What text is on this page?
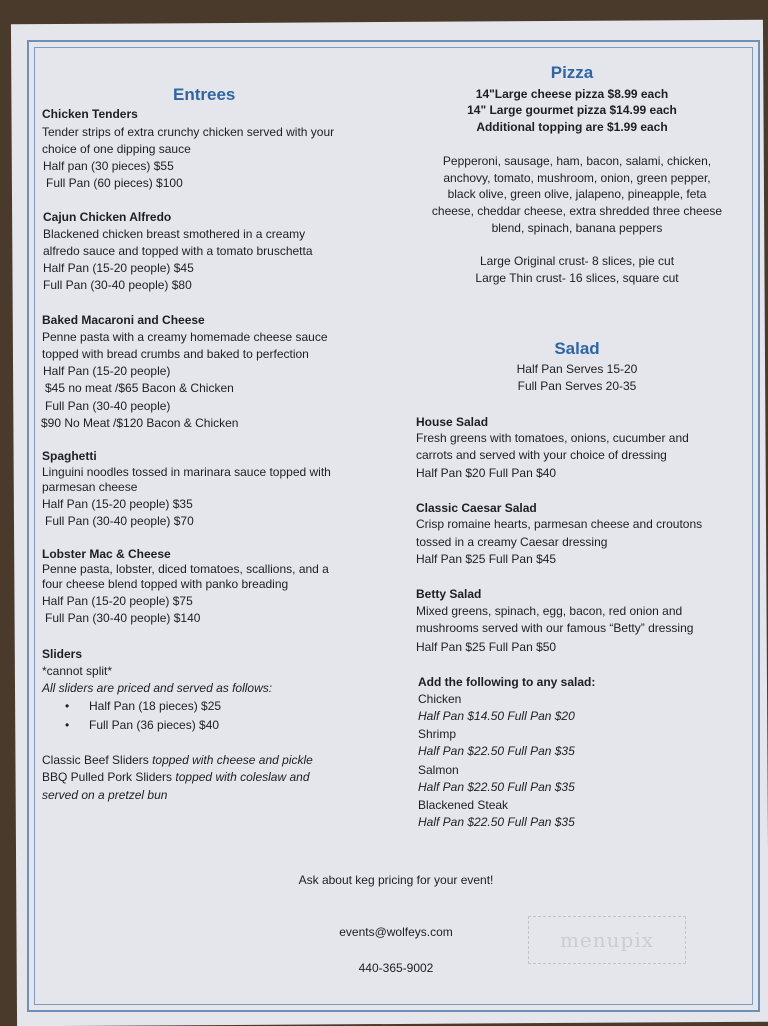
Entrees
Chicken Tenders
Tender strips of extra crunchy chicken served with your
choice of one dipping sauce
Half pan (30 pieces) $55
Full Pan (60 pieces) $100
Cajun Chicken Alfredo
Blackened chicken breast smothered in a creamy
alfredo sauce and topped with a tomato bruschetta
Half Pan (15-20 people) $45
Full Pan (30-40 people) $80
Baked Macaroni and Cheese
Penne pasta with a creamy homemade cheese sauce
topped with bread crumbs and baked to perfection
Half Pan (15-20 people)
$45 no meat /$65 Bacon & Chicken
Full Pan (30-40 people)
$90 No Meat /$120 Bacon & Chicken
Spaghetti
Linguini noodles tossed in marinara sauce topped with
parmesan cheese
Half Pan (15-20 people) $35
Full Pan (30-40 people) $70
Lobster Mac & Cheese
Penne pasta, lobster, diced tomatoes, scallions, and a
four cheese blend topped with panko breading
Half Pan (15-20 people) $75
Full Pan (30-40 people) $140
Sliders
*cannot split*
All sliders are priced and served as follows:
• Half Pan (18 pieces) $25
• Full Pan (36 pieces) $40
Classic Beef Sliders topped with cheese and pickle
BBQ Pulled Pork Sliders topped with coleslaw and
served on a pretzel bun
Pizza
14"Large cheese pizza $8.99 each
14" Large gourmet pizza $14.99 each
Additional topping are $1.99 each
Pepperoni, sausage, ham, bacon, salami, chicken,
anchovy, tomato, mushroom, onion, green pepper,
black olive, green olive, jalapeno, pineapple, feta
cheese, cheddar cheese, extra shredded three cheese
blend, spinach, banana peppers
Large Original crust- 8 slices, pie cut
Large Thin crust- 16 slices, square cut
Salad
Half Pan Serves 15-20
Full Pan Serves 20-35
House Salad
Fresh greens with tomatoes, onions, cucumber and
carrots and served with your choice of dressing
Half Pan $20 Full Pan $40
Classic Caesar Salad
Crisp romaine hearts, parmesan cheese and croutons
tossed in a creamy Caesar dressing
Half Pan $25 Full Pan $45
Betty Salad
Mixed greens, spinach, egg, bacon, red onion and
mushrooms served with our famous “Betty” dressing
Half Pan $25 Full Pan $50
Add the following to any salad:
Chicken
Half Pan $14.50 Full Pan $20
Shrimp
Half Pan $22.50 Full Pan $35
Salmon
Half Pan $22.50 Full Pan $35
Blackened Steak
Half Pan $22.50 Full Pan $35
Ask about keg pricing for your event!
events@wolfeys.com
440-365-9002
menupix
